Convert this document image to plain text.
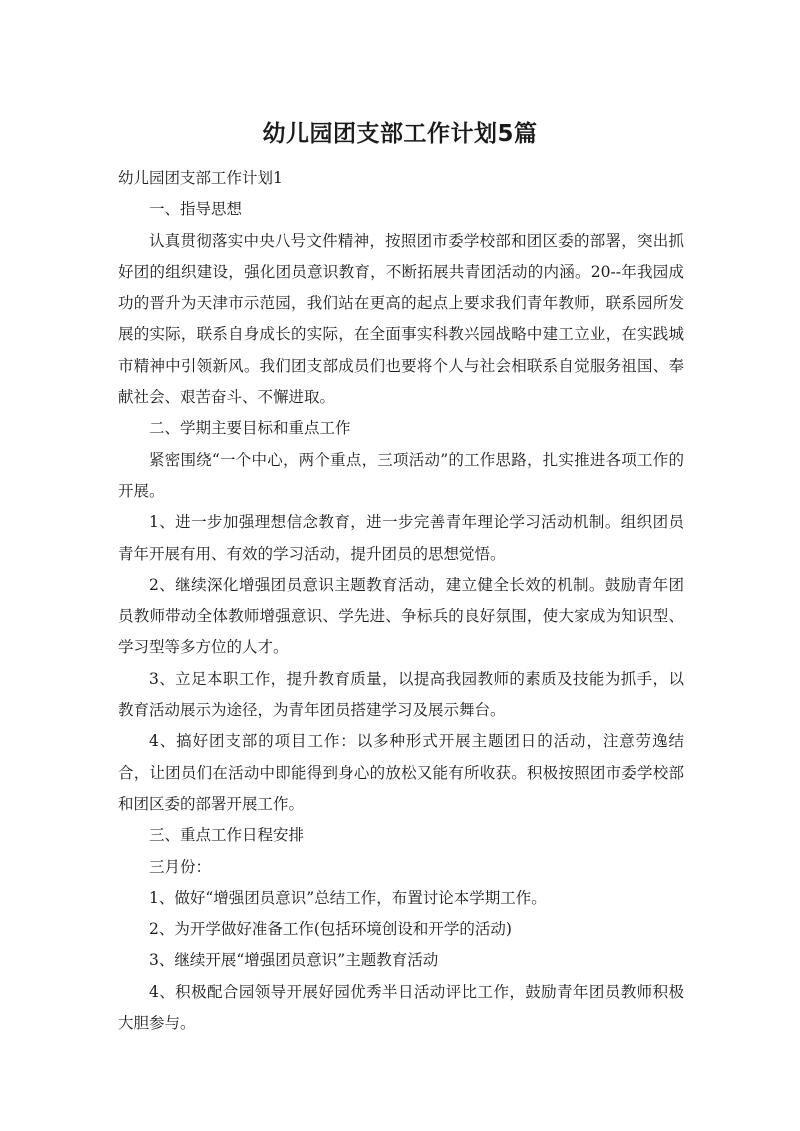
幼儿园团支部工作计划5篇

幼儿园团支部工作计划1

一、指导思想

认真贯彻落实中央八号文件精神，按照团市委学校部和团区委的部署，突出抓好团的组织建设，强化团员意识教育，不断拓展共青团活动的内涵。20--年我园成功的晋升为天津市示范园，我们站在更高的起点上要求我们青年教师，联系园所发展的实际，联系自身成长的实际，在全面事实科教兴园战略中建工立业，在实践城市精神中引领新风。我们团支部成员们也要将个人与社会相联系自觉服务祖国、奉献社会、艰苦奋斗、不懈进取。

二、学期主要目标和重点工作

紧密围绕“一个中心，两个重点，三项活动”的工作思路，扎实推进各项工作的开展。

1、进一步加强理想信念教育，进一步完善青年理论学习活动机制。组织团员青年开展有用、有效的学习活动，提升团员的思想觉悟。

2、继续深化增强团员意识主题教育活动，建立健全长效的机制。鼓励青年团员教师带动全体教师增强意识、学先进、争标兵的良好氛围，使大家成为知识型、学习型等多方位的人才。

3、立足本职工作，提升教育质量，以提高我园教师的素质及技能为抓手，以教育活动展示为途径，为青年团员搭建学习及展示舞台。

4、搞好团支部的项目工作：以多种形式开展主题团日的活动，注意劳逸结合，让团员们在活动中即能得到身心的放松又能有所收获。积极按照团市委学校部和团区委的部署开展工作。

三、重点工作日程安排

三月份：

1、做好“增强团员意识”总结工作，布置讨论本学期工作。

2、为开学做好准备工作(包括环境创设和开学的活动)

3、继续开展“增强团员意识”主题教育活动

4、积极配合园领导开展好园优秀半日活动评比工作，鼓励青年团员教师积极大胆参与。
